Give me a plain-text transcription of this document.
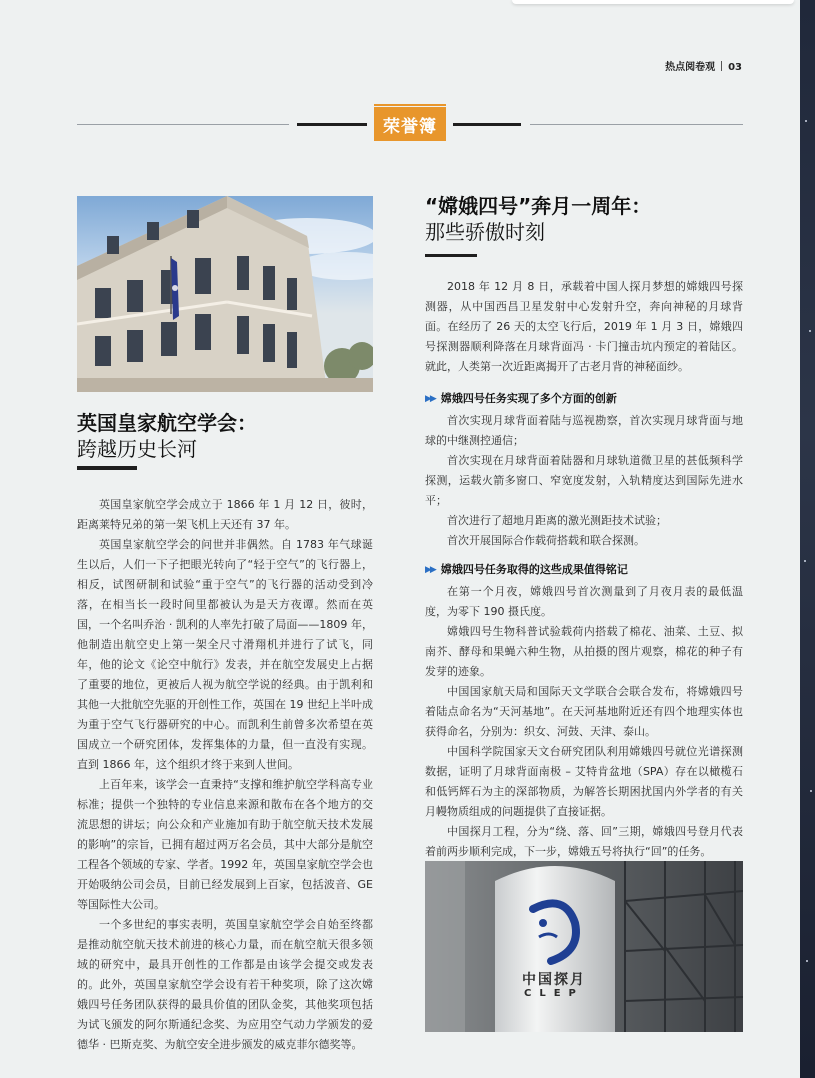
热点阅卷观 03
荣誉簿
英国皇家航空学会：
跨越历史长河

英国皇家航空学会成立于 1866 年 1 月 12 日，彼时，距离莱特兄弟的第一架飞机上天还有 37 年。

英国皇家航空学会的问世并非偶然。自 1783 年气球诞生以后，人们一下子把眼光转向了“轻于空气”的飞行器上，相反，试图研制和试验“重于空气”的飞行器的活动受到冷落，在相当长一段时间里都被认为是天方夜谭。然而在英国，一个名叫乔治 · 凯利的人率先打破了局面——1809 年，他制造出航空史上第一架全尺寸滑翔机并进行了试飞，同年，他的论文《论空中航行》发表，并在航空发展史上占据了重要的地位，更被后人视为航空学说的经典。由于凯利和其他一大批航空先驱的开创性工作，英国在 19 世纪上半叶成为重于空气飞行器研究的中心。而凯利生前曾多次希望在英国成立一个研究团体，发挥集体的力量，但一直没有实现。直到 1866 年，这个组织才终于来到人世间。

上百年来，该学会一直秉持“支撑和维护航空学科高专业标准；提供一个独特的专业信息来源和散布在各个地方的交流思想的讲坛；向公众和产业施加有助于航空航天技术发展的影响”的宗旨，已拥有超过两万名会员，其中大部分是航空工程各个领域的专家、学者。1992 年，英国皇家航空学会也开始吸纳公司会员，目前已经发展到上百家，包括波音、GE 等国际性大公司。

一个多世纪的事实表明，英国皇家航空学会自始至终都是推动航空航天技术前进的核心力量，而在航空航天很多领域的研究中，最具开创性的工作都是由该学会提交或发表的。此外，英国皇家航空学会设有若干种奖项，除了这次嫦娥四号任务团队获得的最具价值的团队金奖，其他奖项包括为试飞颁发的阿尔斯通纪念奖、为应用空气动力学颁发的爱德华 · 巴斯克奖、为航空安全进步颁发的威克菲尔德奖等。

“嫦娥四号”奔月一周年：
那些骄傲时刻

2018 年 12 月 8 日，承载着中国人探月梦想的嫦娥四号探测器，从中国西昌卫星发射中心发射升空，奔向神秘的月球背面。在经历了 26 天的太空飞行后，2019 年 1 月 3 日，嫦娥四号探测器顺利降落在月球背面冯 · 卡门撞击坑内预定的着陆区。就此，人类第一次近距离揭开了古老月背的神秘面纱。

▶▶ 嫦娥四号任务实现了多个方面的创新

首次实现月球背面着陆与巡视勘察，首次实现月球背面与地球的中继测控通信；

首次实现在月球背面着陆器和月球轨道微卫星的甚低频科学探测，运载火箭多窗口、窄宽度发射，入轨精度达到国际先进水平；

首次进行了超地月距离的激光测距技术试验；

首次开展国际合作载荷搭载和联合探测。

▶▶ 嫦娥四号任务取得的这些成果值得铭记

在第一个月夜，嫦娥四号首次测量到了月夜月表的最低温度，为零下 190 摄氏度。

嫦娥四号生物科普试验载荷内搭载了棉花、油菜、土豆、拟南芥、酵母和果蝇六种生物，从拍摄的图片观察，棉花的种子有发芽的迹象。

中国国家航天局和国际天文学联合会联合发布，将嫦娥四号着陆点命名为“天河基地”。在天河基地附近还有四个地理实体也获得命名，分别为：织女、河鼓、天津、泰山。

中国科学院国家天文台研究团队利用嫦娥四号就位光谱探测数据，证明了月球背面南极 – 艾特肯盆地（SPA）存在以橄榄石和低钙辉石为主的深部物质，为解答长期困扰国内外学者的有关月幔物质组成的问题提供了直接证据。

中国探月工程，分为“绕、落、回”三期，嫦娥四号登月代表着前两步顺利完成，下一步，嫦娥五号将执行“回”的任务。

中国探月
CLEP
